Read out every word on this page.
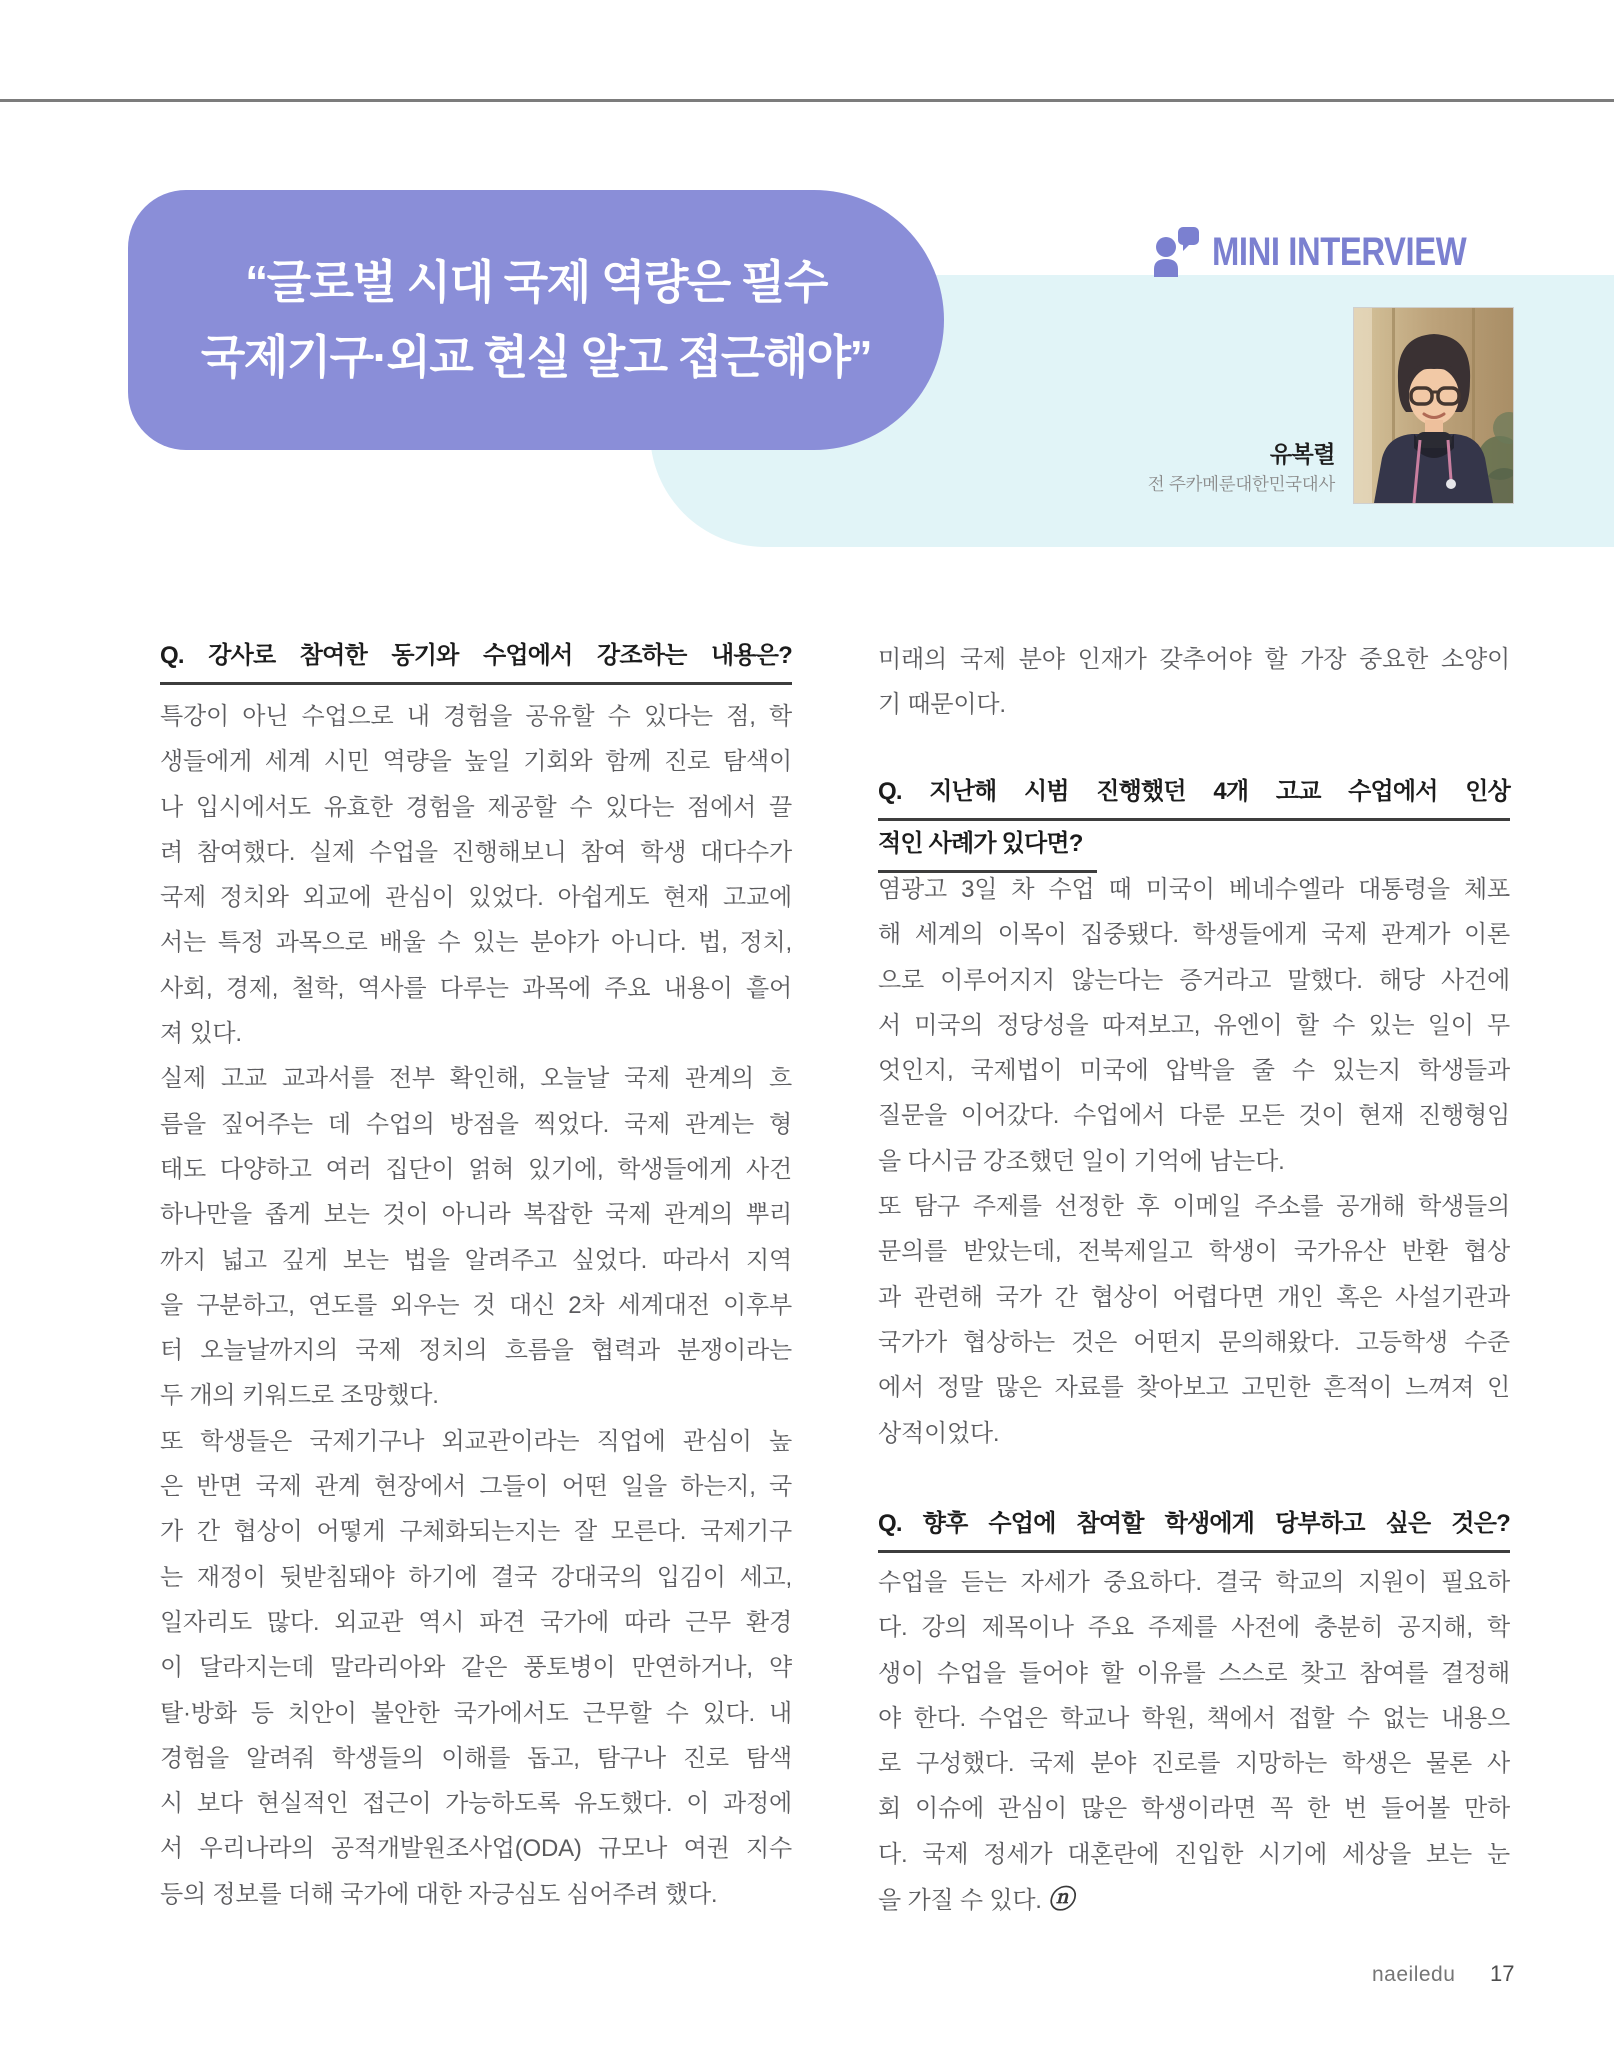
“글로벌 시대 국제 역량은 필수
국제기구·외교 현실 알고 접근해야”
MINI INTERVIEW
유복렬
전 주카메룬대한민국대사
Q. 강사로 참여한 동기와 수업에서 강조하는 내용은?
특강이 아닌 수업으로 내 경험을 공유할 수 있다는 점, 학
생들에게 세계 시민 역량을 높일 기회와 함께 진로 탐색이
나 입시에서도 유효한 경험을 제공할 수 있다는 점에서 끌
려 참여했다. 실제 수업을 진행해보니 참여 학생 대다수가
국제 정치와 외교에 관심이 있었다. 아쉽게도 현재 고교에
서는 특정 과목으로 배울 수 있는 분야가 아니다. 법, 정치,
사회, 경제, 철학, 역사를 다루는 과목에 주요 내용이 흩어
져 있다.
실제 고교 교과서를 전부 확인해, 오늘날 국제 관계의 흐
름을 짚어주는 데 수업의 방점을 찍었다. 국제 관계는 형
태도 다양하고 여러 집단이 얽혀 있기에, 학생들에게 사건
하나만을 좁게 보는 것이 아니라 복잡한 국제 관계의 뿌리
까지 넓고 깊게 보는 법을 알려주고 싶었다. 따라서 지역
을 구분하고, 연도를 외우는 것 대신 2차 세계대전 이후부
터 오늘날까지의 국제 정치의 흐름을 협력과 분쟁이라는
두 개의 키워드로 조망했다.
또 학생들은 국제기구나 외교관이라는 직업에 관심이 높
은 반면 국제 관계 현장에서 그들이 어떤 일을 하는지, 국
가 간 협상이 어떻게 구체화되는지는 잘 모른다. 국제기구
는 재정이 뒷받침돼야 하기에 결국 강대국의 입김이 세고,
일자리도 많다. 외교관 역시 파견 국가에 따라 근무 환경
이 달라지는데 말라리아와 같은 풍토병이 만연하거나, 약
탈·방화 등 치안이 불안한 국가에서도 근무할 수 있다. 내
경험을 알려줘 학생들의 이해를 돕고, 탐구나 진로 탐색
시 보다 현실적인 접근이 가능하도록 유도했다. 이 과정에
서 우리나라의 공적개발원조사업(ODA) 규모나 여권 지수
등의 정보를 더해 국가에 대한 자긍심도 심어주려 했다.
미래의 국제 분야 인재가 갖추어야 할 가장 중요한 소양이
기 때문이다.
Q. 지난해 시범 진행했던 4개 고교 수업에서 인상
적인 사례가 있다면?
염광고 3일 차 수업 때 미국이 베네수엘라 대통령을 체포
해 세계의 이목이 집중됐다. 학생들에게 국제 관계가 이론
으로 이루어지지 않는다는 증거라고 말했다. 해당 사건에
서 미국의 정당성을 따져보고, 유엔이 할 수 있는 일이 무
엇인지, 국제법이 미국에 압박을 줄 수 있는지 학생들과
질문을 이어갔다. 수업에서 다룬 모든 것이 현재 진행형임
을 다시금 강조했던 일이 기억에 남는다.
또 탐구 주제를 선정한 후 이메일 주소를 공개해 학생들의
문의를 받았는데, 전북제일고 학생이 국가유산 반환 협상
과 관련해 국가 간 협상이 어렵다면 개인 혹은 사설기관과
국가가 협상하는 것은 어떤지 문의해왔다. 고등학생 수준
에서 정말 많은 자료를 찾아보고 고민한 흔적이 느껴져 인
상적이었다.
Q. 향후 수업에 참여할 학생에게 당부하고 싶은 것은?
수업을 듣는 자세가 중요하다. 결국 학교의 지원이 필요하
다. 강의 제목이나 주요 주제를 사전에 충분히 공지해, 학
생이 수업을 들어야 할 이유를 스스로 찾고 참여를 결정해
야 한다. 수업은 학교나 학원, 책에서 접할 수 없는 내용으
로 구성했다. 국제 분야 진로를 지망하는 학생은 물론 사
회 이슈에 관심이 많은 학생이라면 꼭 한 번 들어볼 만하
다. 국제 정세가 대혼란에 진입한 시기에 세상을 보는 눈
을 가질 수 있다. ⓝ
naeiledu 17
